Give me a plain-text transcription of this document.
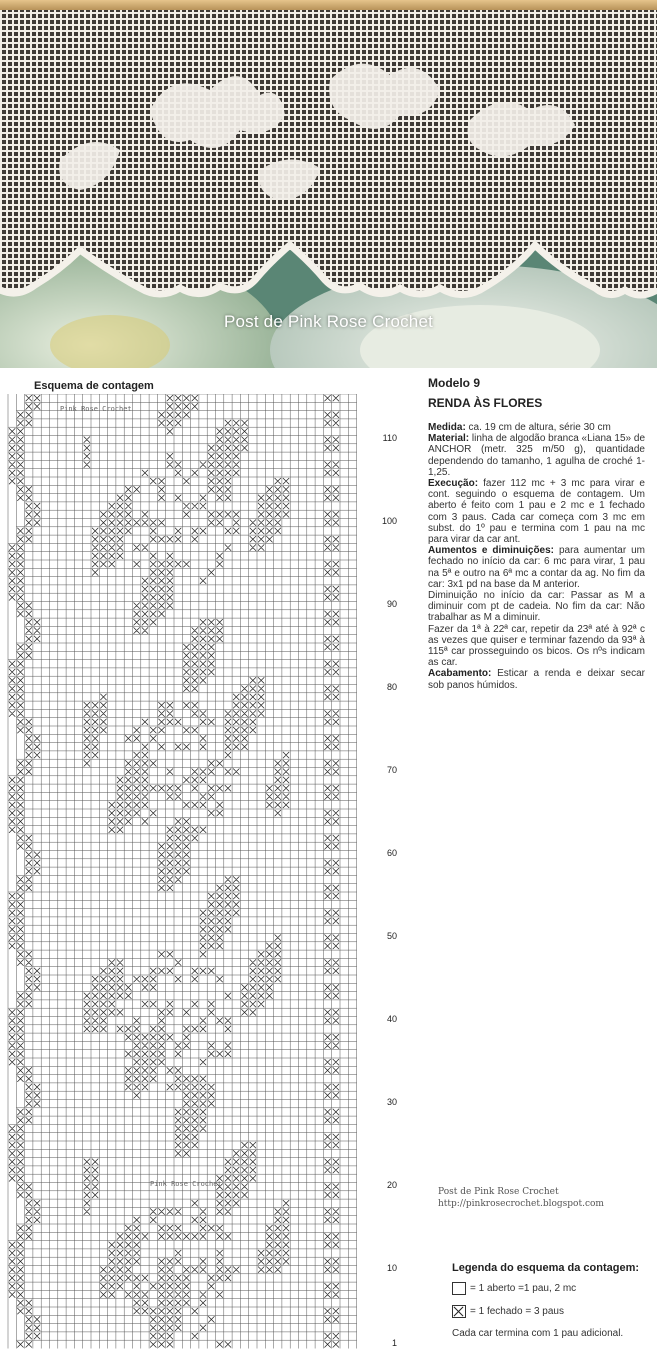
Post de Pink Rose Crochet
Esquema de contagem
Pink Rose Crochet
Pink Rose Crochet
110
100
90
80
70
60
50
40
30
20
10
1
Modelo 9
RENDA ÀS FLORES

Medida: ca. 19 cm de altura, série 30 cm

Material: linha de algodão branca «Liana 15» de ANCHOR (metr. 325 m/50 g), quantidade dependendo do tamanho, 1 agulha de croché 1-1,25.

Execução: fazer 112 mc + 3 mc para virar e cont. seguindo o esquema de contagem. Um aberto é feito com 1 pau e 2 mc e 1 fechado com 3 paus. Cada car começa com 3 mc em subst. do 1º pau e termina com 1 pau na mc para virar da car ant.

Aumentos e diminuições: para aumentar um fechado no início da car: 6 mc para virar, 1 pau na 5ª e outro na 6ª mc a contar da ag. No fim da car: 3x1 pd na base da M anterior.

Diminuição no início da car: Passar as M a diminuir com pt de cadeia. No fim da car: Não trabalhar as M a diminuir.

Fazer da 1ª à 22ª car, repetir da 23ª até à 92ª c as vezes que quiser e terminar fazendo da 93ª à 115ª car prosseguindo os bicos. Os nºs indicam as car.

Acabamento: Esticar a renda e deixar secar sob panos húmidos.

Post de Pink Rose Crochet
http://pinkrosecrochet.blogspot.com
Legenda do esquema da contagem:
= 1 aberto =1 pau, 2 mc
= 1 fechado = 3 paus
Cada car termina com 1 pau adicional.
